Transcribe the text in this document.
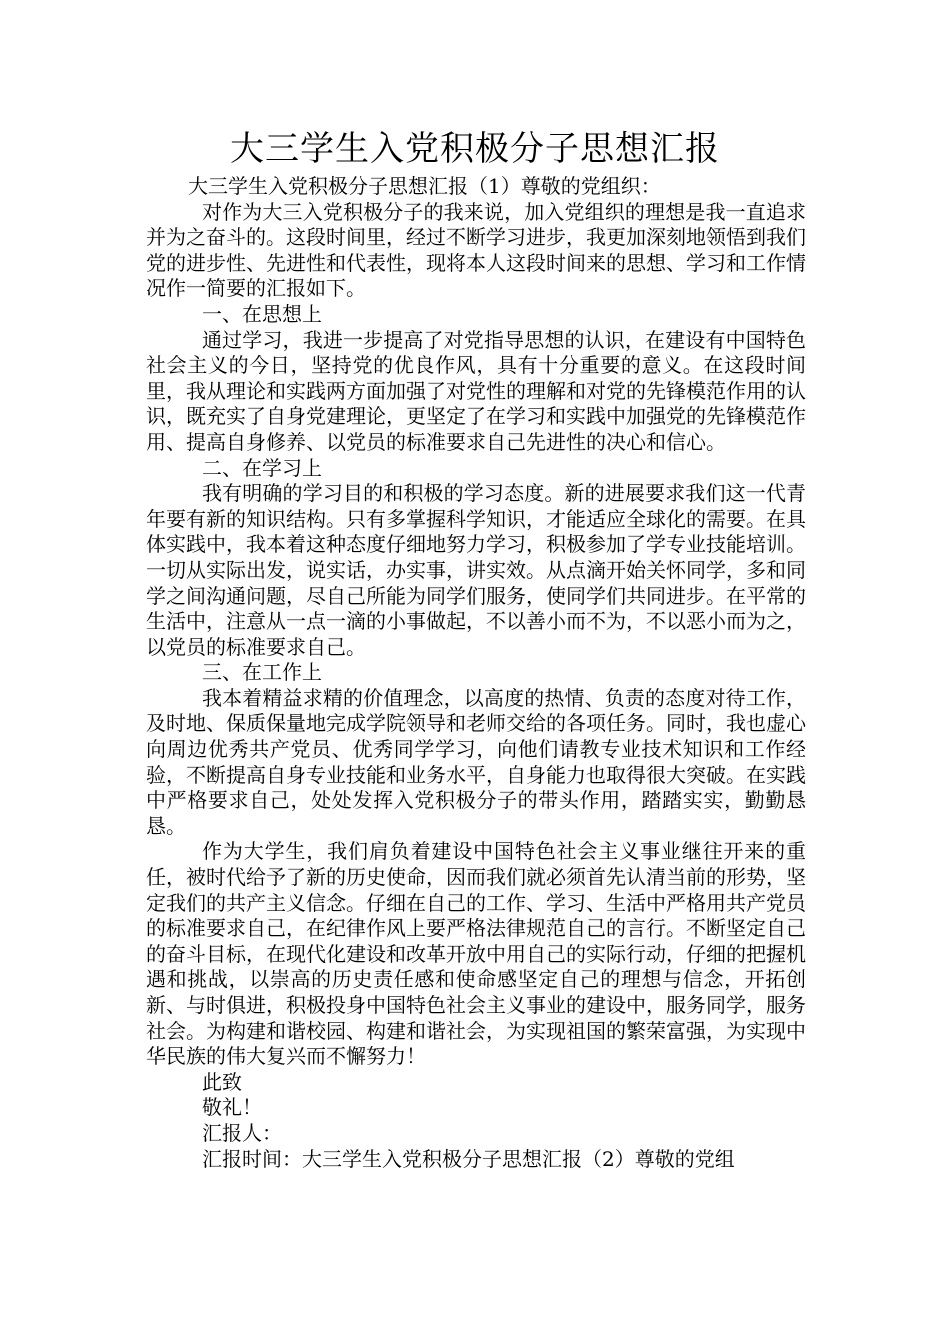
大三学生入党积极分子思想汇报

大三学生入党积极分子思想汇报（1）尊敬的党组织：

对作为大三入党积极分子的我来说，加入党组织的理想是我一直追求并为之奋斗的。这段时间里，经过不断学习进步，我更加深刻地领悟到我们党的进步性、先进性和代表性，现将本人这段时间来的思想、学习和工作情况作一简要的汇报如下。

一、在思想上

通过学习，我进一步提高了对党指导思想的认识，在建设有中国特色社会主义的今日，坚持党的优良作风，具有十分重要的意义。在这段时间里，我从理论和实践两方面加强了对党性的理解和对党的先锋模范作用的认识，既充实了自身党建理论，更坚定了在学习和实践中加强党的先锋模范作用、提高自身修养、以党员的标准要求自己先进性的决心和信心。

二、在学习上

我有明确的学习目的和积极的学习态度。新的进展要求我们这一代青年要有新的知识结构。只有多掌握科学知识，才能适应全球化的需要。在具体实践中，我本着这种态度仔细地努力学习，积极参加了学专业技能培训。一切从实际出发，说实话，办实事，讲实效。从点滴开始关怀同学，多和同学之间沟通问题，尽自己所能为同学们服务，使同学们共同进步。在平常的生活中，注意从一点一滴的小事做起，不以善小而不为，不以恶小而为之，以党员的标准要求自己。

三、在工作上

我本着精益求精的价值理念，以高度的热情、负责的态度对待工作，及时地、保质保量地完成学院领导和老师交给的各项任务。同时，我也虚心向周边优秀共产党员、优秀同学学习，向他们请教专业技术知识和工作经验，不断提高自身专业技能和业务水平，自身能力也取得很大突破。在实践中严格要求自己，处处发挥入党积极分子的带头作用，踏踏实实，勤勤恳恳。

作为大学生，我们肩负着建设中国特色社会主义事业继往开来的重任，被时代给予了新的历史使命，因而我们就必须首先认清当前的形势，坚定我们的共产主义信念。仔细在自己的工作、学习、生活中严格用共产党员的标准要求自己，在纪律作风上要严格法律规范自己的言行。不断坚定自己的奋斗目标，在现代化建设和改革开放中用自己的实际行动，仔细的把握机遇和挑战，以崇高的历史责任感和使命感坚定自己的理想与信念，开拓创新、与时俱进，积极投身中国特色社会主义事业的建设中，服务同学，服务社会。为构建和谐校园、构建和谐社会，为实现祖国的繁荣富强，为实现中华民族的伟大复兴而不懈努力！

此致

敬礼！

汇报人：

汇报时间：大三学生入党积极分子思想汇报（2）尊敬的党组
